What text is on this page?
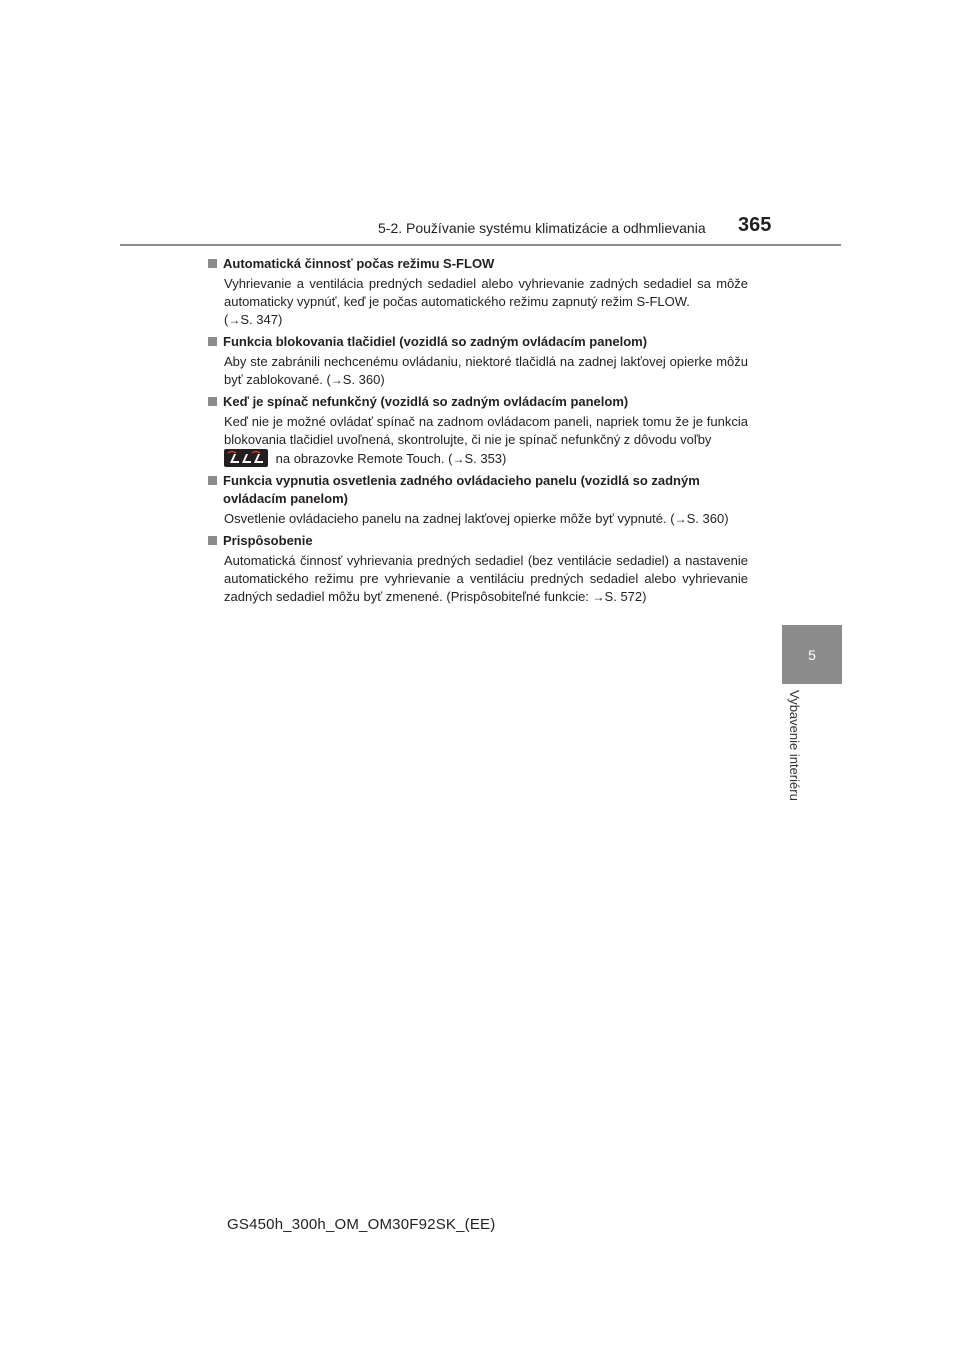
5-2. Používanie systému klimatizácie a odhmlievania 365
5
Vybavenie interiéru
Automatická činnosť počas režimu S-FLOW
Vyhrievanie a ventilácia predných sedadiel alebo vyhrievanie zadných sedadiel sa môže automaticky vypnúť, keď je počas automatického režimu zapnutý režim S-FLOW.
(→S. 347)
Funkcia blokovania tlačidiel (vozidlá so zadným ovládacím panelom)
Aby ste zabránili nechcenému ovládaniu, niektoré tlačidlá na zadnej lakťovej opierke môžu byť zablokované. (→S. 360)
Keď je spínač nefunkčný (vozidlá so zadným ovládacím panelom)
Keď nie je možné ovládať spínač na zadnom ovládacom paneli, napriek tomu že je funkcia blokovania tlačidiel uvoľnená, skontrolujte, či nie je spínač nefunkčný z dôvodu voľby
na obrazovke Remote Touch. (→S. 353)
Funkcia vypnutia osvetlenia zadného ovládacieho panelu (vozidlá so zadným ovládacím panelom)
Osvetlenie ovládacieho panelu na zadnej lakťovej opierke môže byť vypnuté. (→S. 360)
Prispôsobenie
Automatická činnosť vyhrievania predných sedadiel (bez ventilácie sedadiel) a nastavenie automatického režimu pre vyhrievanie a ventiláciu predných sedadiel alebo vyhrievanie zadných sedadiel môžu byť zmenené. (Prispôsobiteľné funkcie: →S. 572)
GS450h_300h_OM_OM30F92SK_(EE)
